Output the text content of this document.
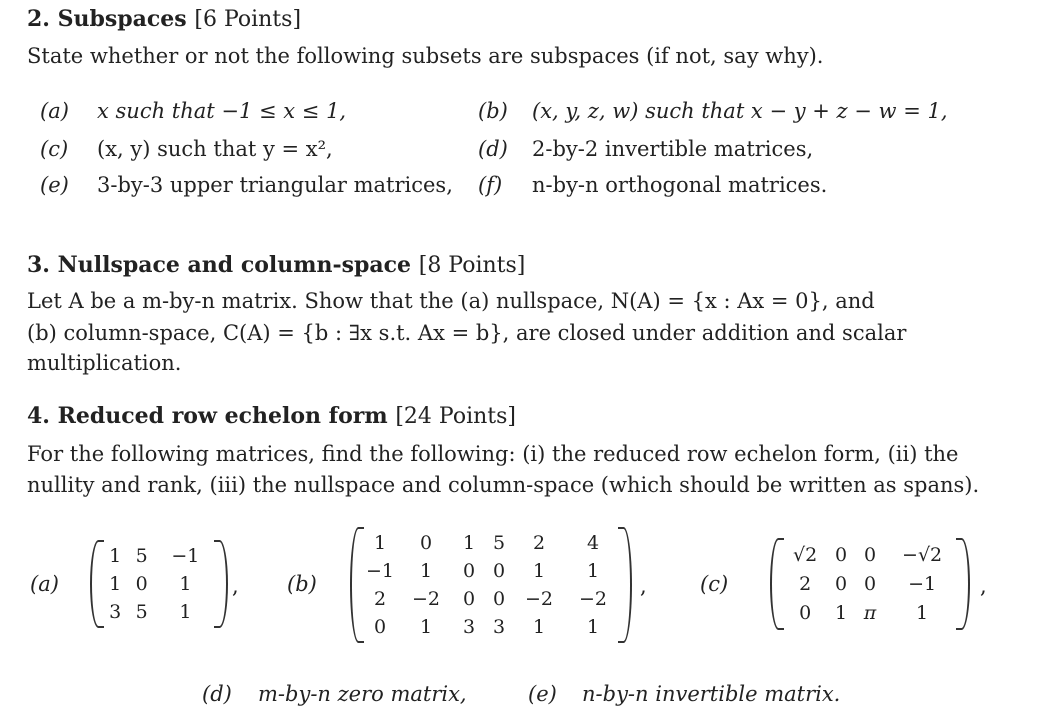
2. Subspaces [6 Points]
State whether or not the following subsets are subspaces (if not, say why).
(a) x such that −1 ≤ x ≤ 1,	(b) (x, y, z, w) such that x − y + z − w = 1,
(c) (x, y) such that y = x²,	(d) 2-by-2 invertible matrices,
(e) 3-by-3 upper triangular matrices, (f) n-by-n orthogonal matrices.
3. Nullspace and column-space [8 Points]
Let A be a m-by-n matrix. Show that the (a) nullspace, N(A) = {x : Ax = 0}, and
(b) column-space, C(A) = {b : ∃x s.t. Ax = b}, are closed under addition and scalar
multiplication.
4. Reduced row echelon form [24 Points]
For the following matrices, find the following: (i) the reduced row echelon form, (ii) the
nullity and rank, (iii) the nullspace and column-space (which should be written as spans).
(a)
1	5	−1
1	0	1
3	5	1
, (b)
1	0	1	5	2	4
−1	1	0	0	1	1
2	−2	0	0	−2	−2
0	1	3	3	1	1
,	(c)
√2	0	0	−√2
2	0	0	−1
0	1	π	1
,
(d) m-by-n zero matrix,	(e) n-by-n invertible matrix.
